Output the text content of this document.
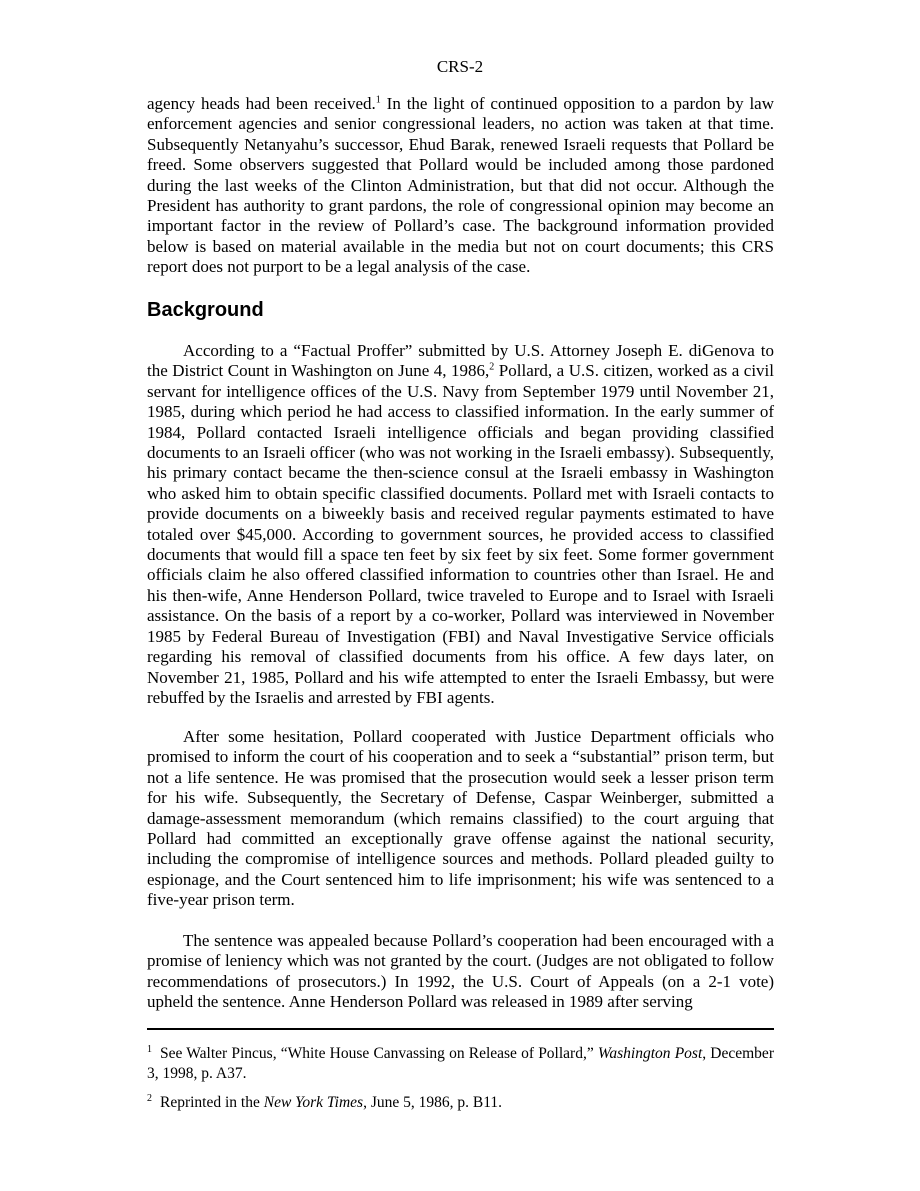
CRS-2

agency heads had been received.$^1$ In the light of continued opposition to a pardon by law enforcement agencies and senior congressional leaders, no action was taken at that time. Subsequently Netanyahu’s successor, Ehud Barak, renewed Israeli requests that Pollard be freed. Some observers suggested that Pollard would be included among those pardoned during the last weeks of the Clinton Administration, but that did not occur. Although the President has authority to grant pardons, the role of congressional opinion may become an important factor in the review of Pollard’s case. The background information provided below is based on material available in the media but not on court documents; this CRS report does not purport to be a legal analysis of the case.

Background

According to a “Factual Proffer” submitted by U.S. Attorney Joseph E. diGenova to the District Count in Washington on June 4, 1986,$^2$ Pollard, a U.S. citizen, worked as a civil servant for intelligence offices of the U.S. Navy from September 1979 until November 21, 1985, during which period he had access to classified information. In the early summer of 1984, Pollard contacted Israeli intelligence officials and began providing classified documents to an Israeli officer (who was not working in the Israeli embassy). Subsequently, his primary contact became the then-science consul at the Israeli embassy in Washington who asked him to obtain specific classified documents. Pollard met with Israeli contacts to provide documents on a biweekly basis and received regular payments estimated to have totaled over $45,000. According to government sources, he provided access to classified documents that would fill a space ten feet by six feet by six feet. Some former government officials claim he also offered classified information to countries other than Israel. He and his then-wife, Anne Henderson Pollard, twice traveled to Europe and to Israel with Israeli assistance. On the basis of a report by a co-worker, Pollard was interviewed in November 1985 by Federal Bureau of Investigation (FBI) and Naval Investigative Service officials regarding his removal of classified documents from his office. A few days later, on November 21, 1985, Pollard and his wife attempted to enter the Israeli Embassy, but were rebuffed by the Israelis and arrested by FBI agents.

After some hesitation, Pollard cooperated with Justice Department officials who promised to inform the court of his cooperation and to seek a “substantial” prison term, but not a life sentence. He was promised that the prosecution would seek a lesser prison term for his wife. Subsequently, the Secretary of Defense, Caspar Weinberger, submitted a damage-assessment memorandum (which remains classified) to the court arguing that Pollard had committed an exceptionally grave offense against the national security, including the compromise of intelligence sources and methods. Pollard pleaded guilty to espionage, and the Court sentenced him to life imprisonment; his wife was sentenced to a five-year prison term.

The sentence was appealed because Pollard’s cooperation had been encouraged with a promise of leniency which was not granted by the court. (Judges are not obligated to follow recommendations of prosecutors.) In 1992, the U.S. Court of Appeals (on a 2-1 vote) upheld the sentence. Anne Henderson Pollard was released in 1989 after serving

$^1$ See Walter Pincus, “White House Canvassing on Release of Pollard,” Washington Post, December 3, 1998, p. A37.

$^2$ Reprinted in the New York Times, June 5, 1986, p. B11.
